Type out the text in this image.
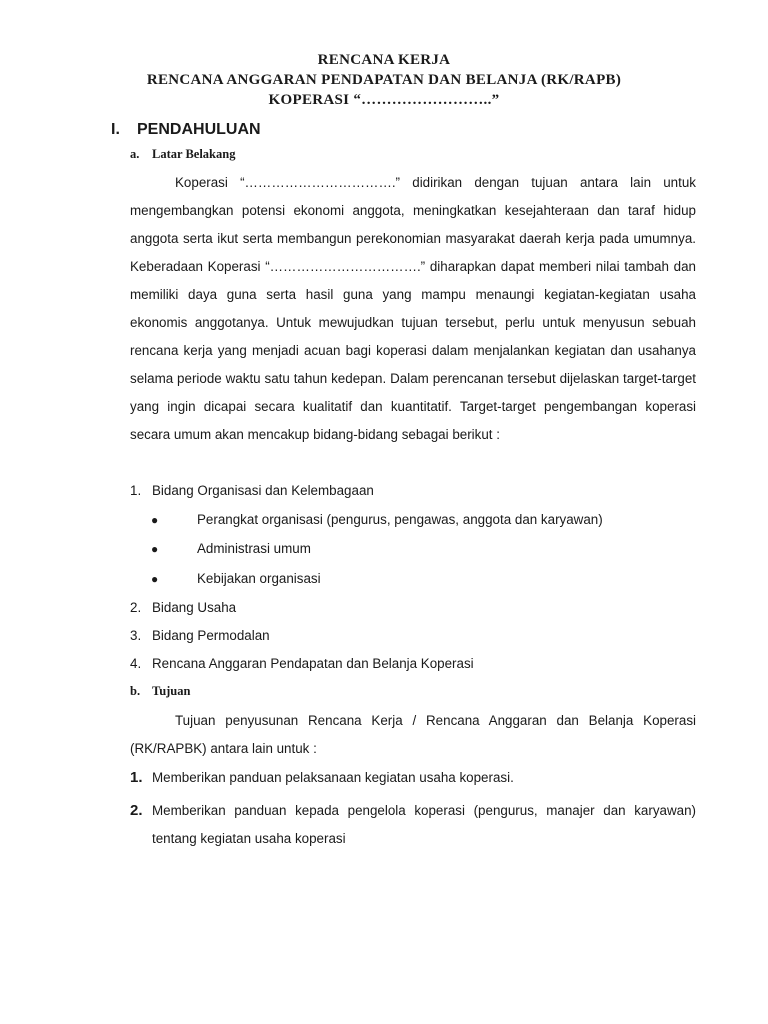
RENCANA KERJA
RENCANA ANGGARAN PENDAPATAN DAN BELANJA (RK/RAPB)
KOPERASI “……………………..”
I. PENDAHULUAN
a. Latar Belakang

Koperasi “…………………………….” didirikan dengan tujuan antara lain untuk mengembangkan potensi ekonomi anggota, meningkatkan kesejahteraan dan taraf hidup anggota serta ikut serta membangun perekonomian masyarakat daerah kerja pada umumnya. Keberadaan Koperasi “…………………………….” diharapkan dapat memberi nilai tambah dan memiliki daya guna serta hasil guna yang mampu menaungi kegiatan-kegiatan usaha ekonomis anggotanya. Untuk mewujudkan tujuan tersebut, perlu untuk menyusun sebuah rencana kerja yang menjadi acuan bagi koperasi dalam menjalankan kegiatan dan usahanya selama periode waktu satu tahun kedepan. Dalam perencanan tersebut dijelaskan target-target yang ingin dicapai secara kualitatif dan kuantitatif. Target-target pengembangan koperasi secara umum akan mencakup bidang-bidang sebagai berikut :

1. Bidang Organisasi dan Kelembagaan
●	Perangkat organisasi (pengurus, pengawas, anggota dan karyawan)
●	Administrasi umum
●	Kebijakan organisasi
2. Bidang Usaha
3. Bidang Permodalan
4. Rencana Anggaran Pendapatan dan Belanja Koperasi
b. Tujuan

Tujuan penyusunan Rencana Kerja / Rencana Anggaran dan Belanja Koperasi (RK/RAPBK) antara lain untuk :

1. Memberikan panduan pelaksanaan kegiatan usaha koperasi.
2. Memberikan panduan kepada pengelola koperasi (pengurus, manajer dan karyawan) tentang kegiatan usaha koperasi
